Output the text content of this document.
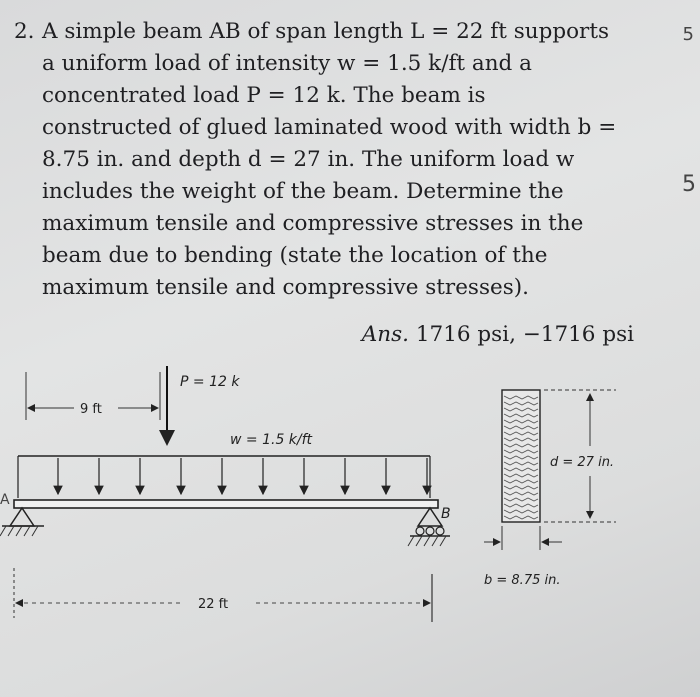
2. A simple beam AB of span length L = 22 ft supports
a uniform load of intensity w = 1.5 k/ft and a
concentrated load P = 12 k. The beam is
constructed of glued laminated wood with width b =
8.75 in. and depth d = 27 in. The uniform load w
includes the weight of the beam. Determine the
maximum tensile and compressive stresses in the
beam due to bending (state the location of the
maximum tensile and compressive stresses).
Ans. 1716 psi, −1716 psi
5
5
A
9 ft
P = 12 k
w = 1.5 k/ft
B
22 ft
d = 27 in.
b = 8.75 in.
